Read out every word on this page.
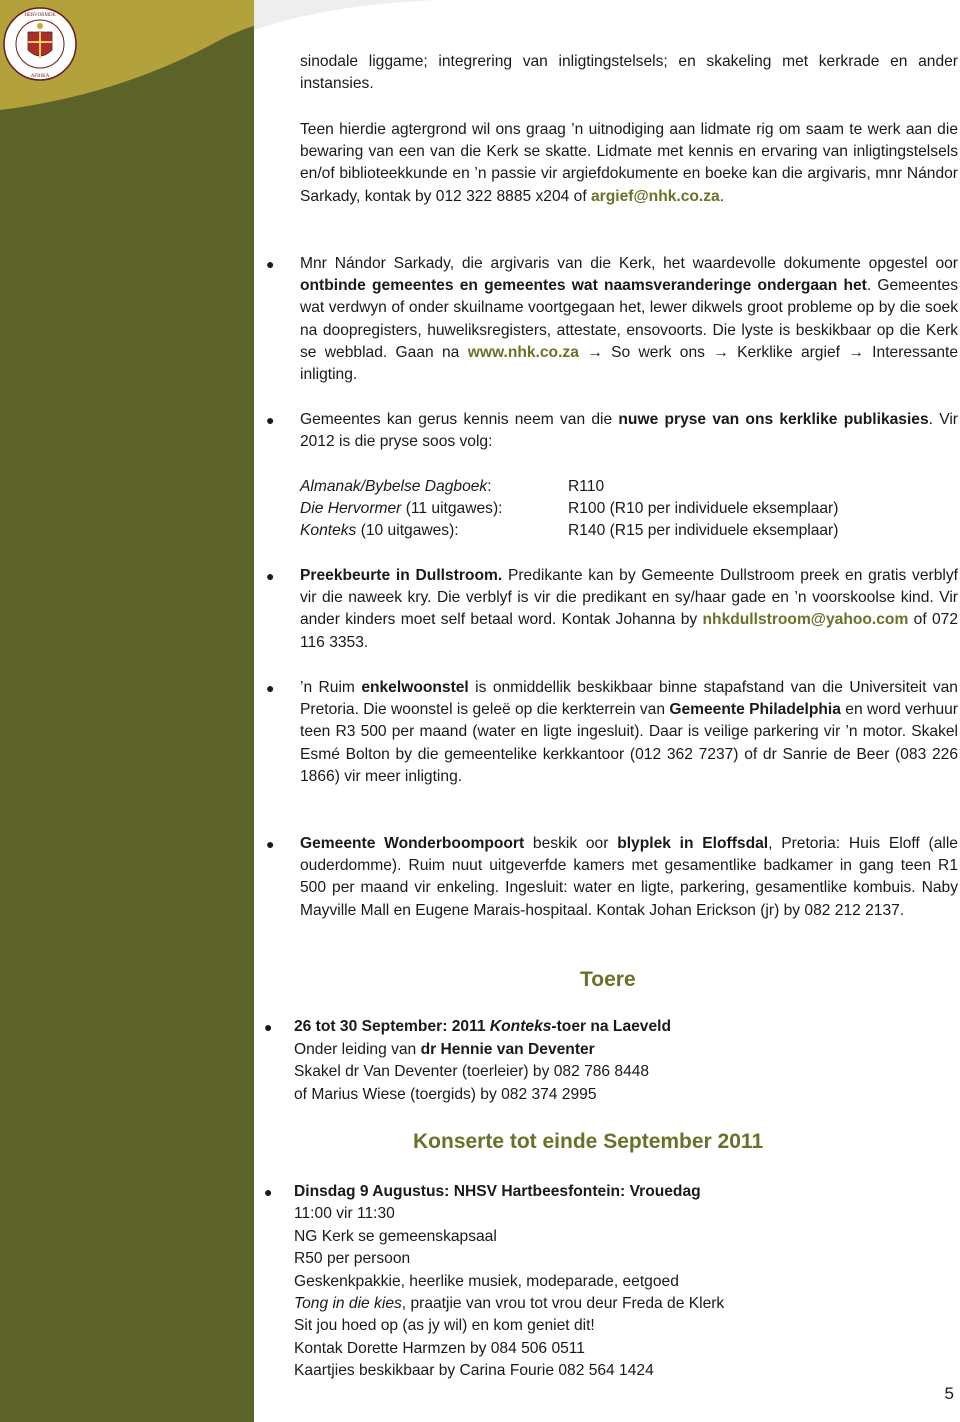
HERVORMDE
AFRIKA
sinodale liggame; integrering van inligtingstelsels; en skakeling met kerkrade en ander instansies.
Teen hierdie agtergrond wil ons graag ’n uitnodiging aan lidmate rig om saam te werk aan die bewaring van een van die Kerk se skatte. Lidmate met kennis en ervaring van inligtingstelsels en/of biblioteekkunde en ’n passie vir argiefdokumente en boeke kan die argivaris, mnr Nándor Sarkady, kontak by 012 322 8885 x204 of argief@nhk.co.za.
● Mnr Nándor Sarkady, die argivaris van die Kerk, het waardevolle dokumente opgestel oor ontbinde gemeentes en gemeentes wat naamsveranderinge ondergaan het. Gemeentes wat verdwyn of onder skuilname voortgegaan het, lewer dikwels groot probleme op by die soek na doopregisters, huweliksregisters, attestate, ensovoorts. Die lyste is beskikbaar op die Kerk se webblad. Gaan na www.nhk.co.za → So werk ons → Kerklike argief → Interessante inligting.
● Gemeentes kan gerus kennis neem van die nuwe pryse van ons kerklike publikasies. Vir 2012 is die pryse soos volg:
Almanak/Bybelse Dagboek:	R110
Die Hervormer (11 uitgawes):	R100 (R10 per individuele eksemplaar)
Konteks (10 uitgawes):	R140 (R15 per individuele eksemplaar)
● Preekbeurte in Dullstroom. Predikante kan by Gemeente Dullstroom preek en gratis verblyf vir die naweek kry. Die verblyf is vir die predikant en sy/haar gade en ’n voorskoolse kind. Vir ander kinders moet self betaal word. Kontak Johanna by nhkdullstroom@yahoo.com of 072 116 3353.
● ’n Ruim enkelwoonstel is onmiddellik beskikbaar binne stapafstand van die Universiteit van Pretoria. Die woonstel is geleë op die kerkterrein van Gemeente Philadelphia en word verhuur teen R3 500 per maand (water en ligte ingesluit). Daar is veilige parkering vir ’n motor. Skakel Esmé Bolton by die gemeentelike kerkkantoor (012 362 7237) of dr Sanrie de Beer (083 226 1866) vir meer inligting.
● Gemeente Wonderboompoort beskik oor blyplek in Eloffsdal, Pretoria: Huis Eloff (alle ouderdomme). Ruim nuut uitgeverfde kamers met gesamentlike badkamer in gang teen R1 500 per maand vir enkeling. Ingesluit: water en ligte, parkering, gesamentlike kombuis. Naby Mayville Mall en Eugene Marais-hospitaal. Kontak Johan Erickson (jr) by 082 212 2137.
Toere
● 26 tot 30 September: 2011 Konteks-toer na Laeveld
Onder leiding van dr Hennie van Deventer
Skakel dr Van Deventer (toerleier) by 082 786 8448
of Marius Wiese (toergids) by 082 374 2995
Konserte tot einde September 2011
● Dinsdag 9 Augustus: NHSV Hartbeesfontein: Vrouedag
11:00 vir 11:30
NG Kerk se gemeenskapsaal
R50 per persoon
Geskenkpakkie, heerlike musiek, modeparade, eetgoed
Tong in die kies, praatjie van vrou tot vrou deur Freda de Klerk
Sit jou hoed op (as jy wil) en kom geniet dit!
Kontak Dorette Harmzen by 084 506 0511
Kaartjies beskikbaar by Carina Fourie 082 564 1424
5
